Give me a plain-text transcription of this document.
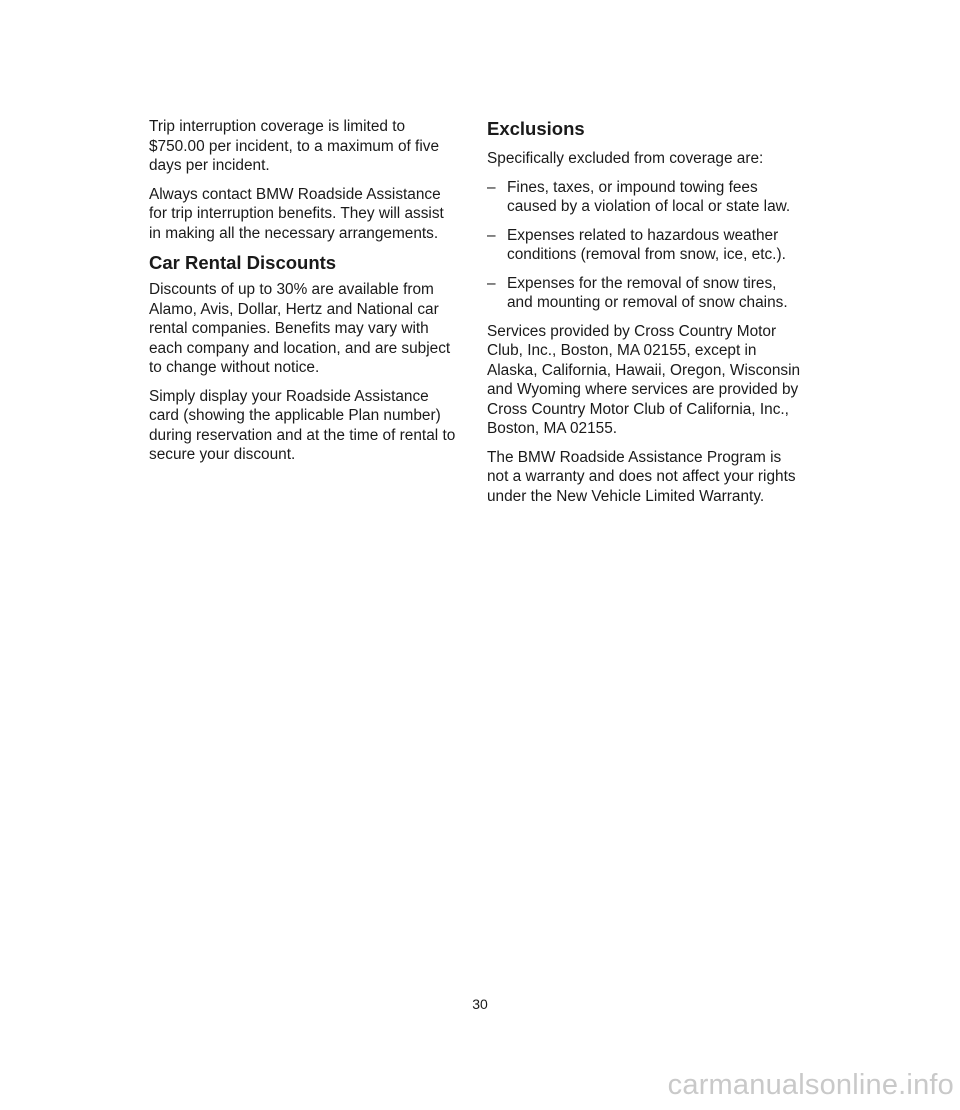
Trip interruption coverage is limited to $750.00 per incident, to a maximum of five days per incident.

Always contact BMW Roadside Assistance for trip interruption benefits. They will assist in making all the necessary arrangements.

Car Rental Discounts

Discounts of up to 30% are available from Alamo, Avis, Dollar, Hertz and National car rental companies. Benefits may vary with each company and location, and are subject to change without notice.

Simply display your Roadside Assistance card (showing the applicable Plan number) during reservation and at the time of rental to secure your discount.

Exclusions

Specifically excluded from coverage are:

– Fines, taxes, or impound towing fees caused by a violation of local or state law.
– Expenses related to hazardous weather conditions (removal from snow, ice, etc.).
– Expenses for the removal of snow tires, and mounting or removal of snow chains.

Services provided by Cross Country Motor Club, Inc., Boston, MA 02155, except in Alaska, California, Hawaii, Oregon, Wisconsin and Wyoming where services are provided by Cross Country Motor Club of California, Inc., Boston, MA 02155.

The BMW Roadside Assistance Program is not a warranty and does not affect your rights under the New Vehicle Limited Warranty.

30
carmanualsonline.info
